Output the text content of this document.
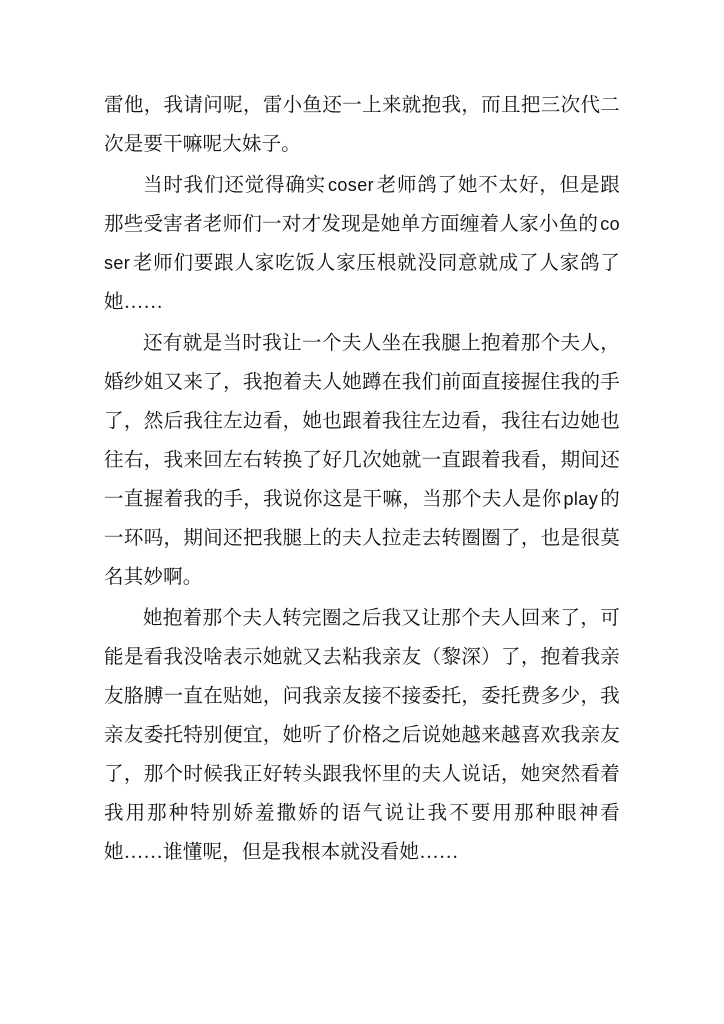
雷他，我请问呢，雷小鱼还一上来就抱我，而且把三次代二次是要干嘛呢大妹子。

当时我们还觉得确实 coser 老师鸽了她不太好，但是跟那些受害者老师们一对才发现是她单方面缠着人家小鱼的 coser 老师们要跟人家吃饭人家压根就没同意就成了人家鸽了她……

还有就是当时我让一个夫人坐在我腿上抱着那个夫人，婚纱姐又来了，我抱着夫人她蹲在我们前面直接握住我的手了，然后我往左边看，她也跟着我往左边看，我往右边她也往右，我来回左右转换了好几次她就一直跟着我看，期间还一直握着我的手，我说你这是干嘛，当那个夫人是你 play 的一环吗，期间还把我腿上的夫人拉走去转圈圈了，也是很莫名其妙啊。

她抱着那个夫人转完圈之后我又让那个夫人回来了，可能是看我没啥表示她就又去粘我亲友（黎深）了，抱着我亲友胳膊一直在贴她，问我亲友接不接委托，委托费多少，我亲友委托特别便宜，她听了价格之后说她越来越喜欢我亲友了，那个时候我正好转头跟我怀里的夫人说话，她突然看着我用那种特别娇羞撒娇的语气说让我不要用那种眼神看她……谁懂呢，但是我根本就没看她……
